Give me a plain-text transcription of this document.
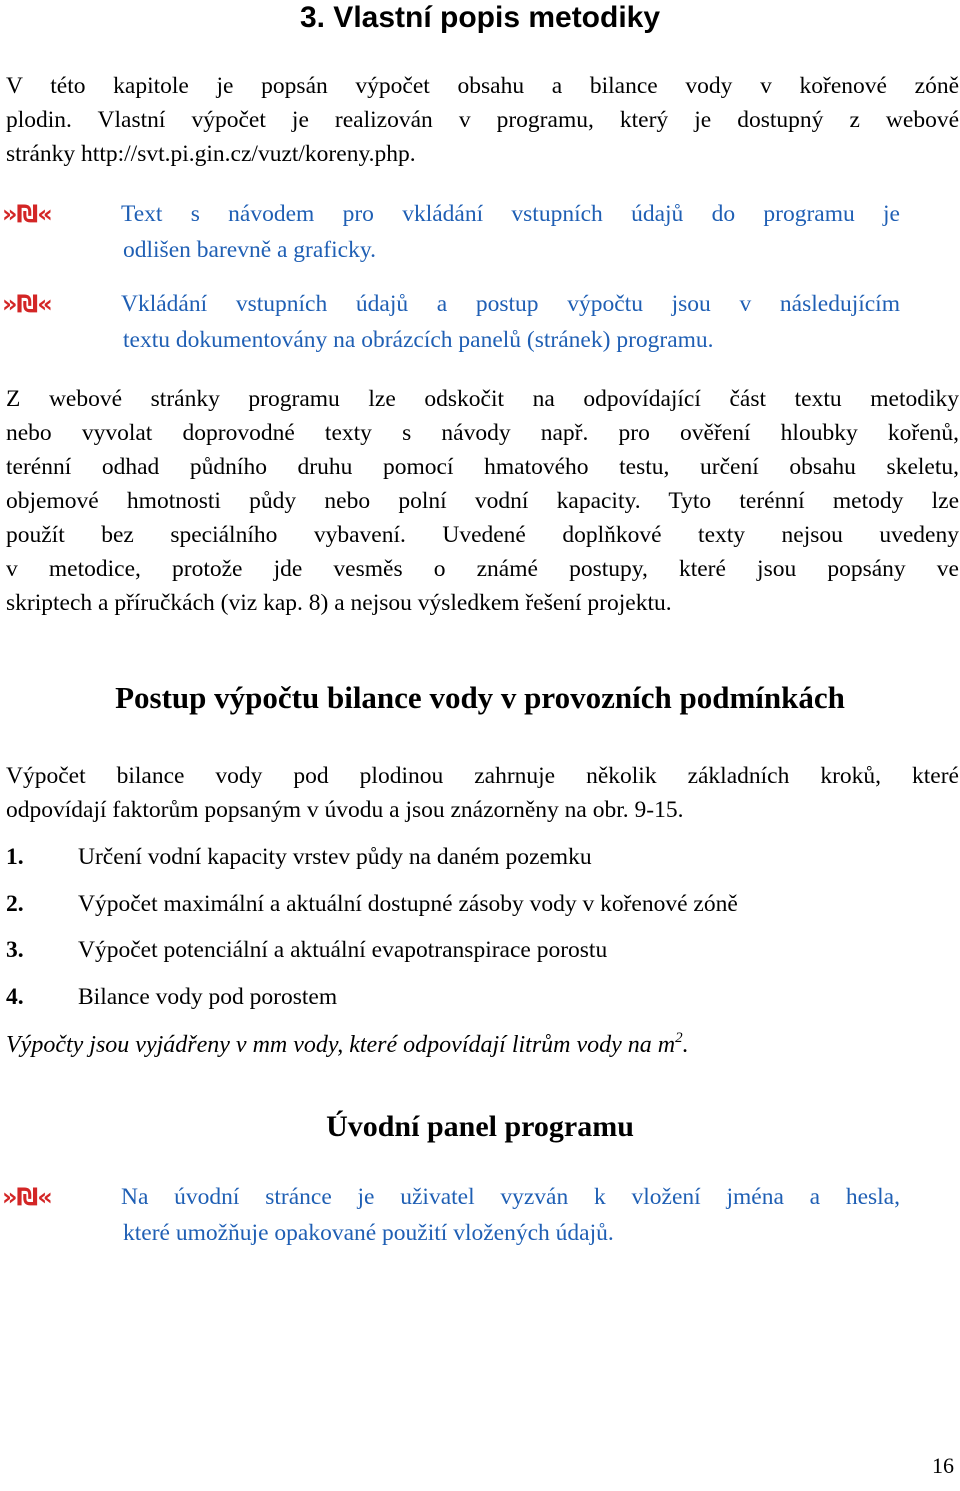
3. Vlastní popis metodiky
V této kapitole je popsán výpočet obsahu a bilance vody v kořenové zóně
plodin. Vlastní výpočet je realizován v programu, který je dostupný z webové
stránky http://svt.pi.gin.cz/vuzt/koreny.php.
»₪«	Text s návodem pro vkládání vstupních údajů do programu je
odlišen barevně a graficky.
»₪«	Vkládání vstupních údajů a postup výpočtu jsou v následujícím
textu dokumentovány na obrázcích panelů (stránek) programu.
Z webové stránky programu lze odskočit na odpovídající část textu metodiky
nebo vyvolat doprovodné texty s návody např. pro ověření hloubky kořenů,
terénní odhad půdního druhu pomocí hmatového testu, určení obsahu skeletu,
objemové hmotnosti půdy nebo polní vodní kapacity. Tyto terénní metody lze
použít bez speciálního vybavení. Uvedené doplňkové texty nejsou uvedeny
v metodice, protože jde vesměs o známé postupy, které jsou popsány ve
skriptech a příručkách (viz kap. 8) a nejsou výsledkem řešení projektu.
Postup výpočtu bilance vody v provozních podmínkách
Výpočet bilance vody pod plodinou zahrnuje několik základních kroků, které
odpovídají faktorům popsaným v úvodu a jsou znázorněny na obr. 9-15.
1. Určení vodní kapacity vrstev půdy na daném pozemku
2. Výpočet maximální a aktuální dostupné zásoby vody v kořenové zóně
3. Výpočet potenciální a aktuální evapotranspirace porostu
4. Bilance vody pod porostem
Výpočty jsou vyjádřeny v mm vody, které odpovídají litrům vody na $m^2$.
Úvodní panel programu
»₪«	Na úvodní stránce je uživatel vyzván k vložení jména a hesla,
které umožňuje opakované použití vložených údajů.
16
